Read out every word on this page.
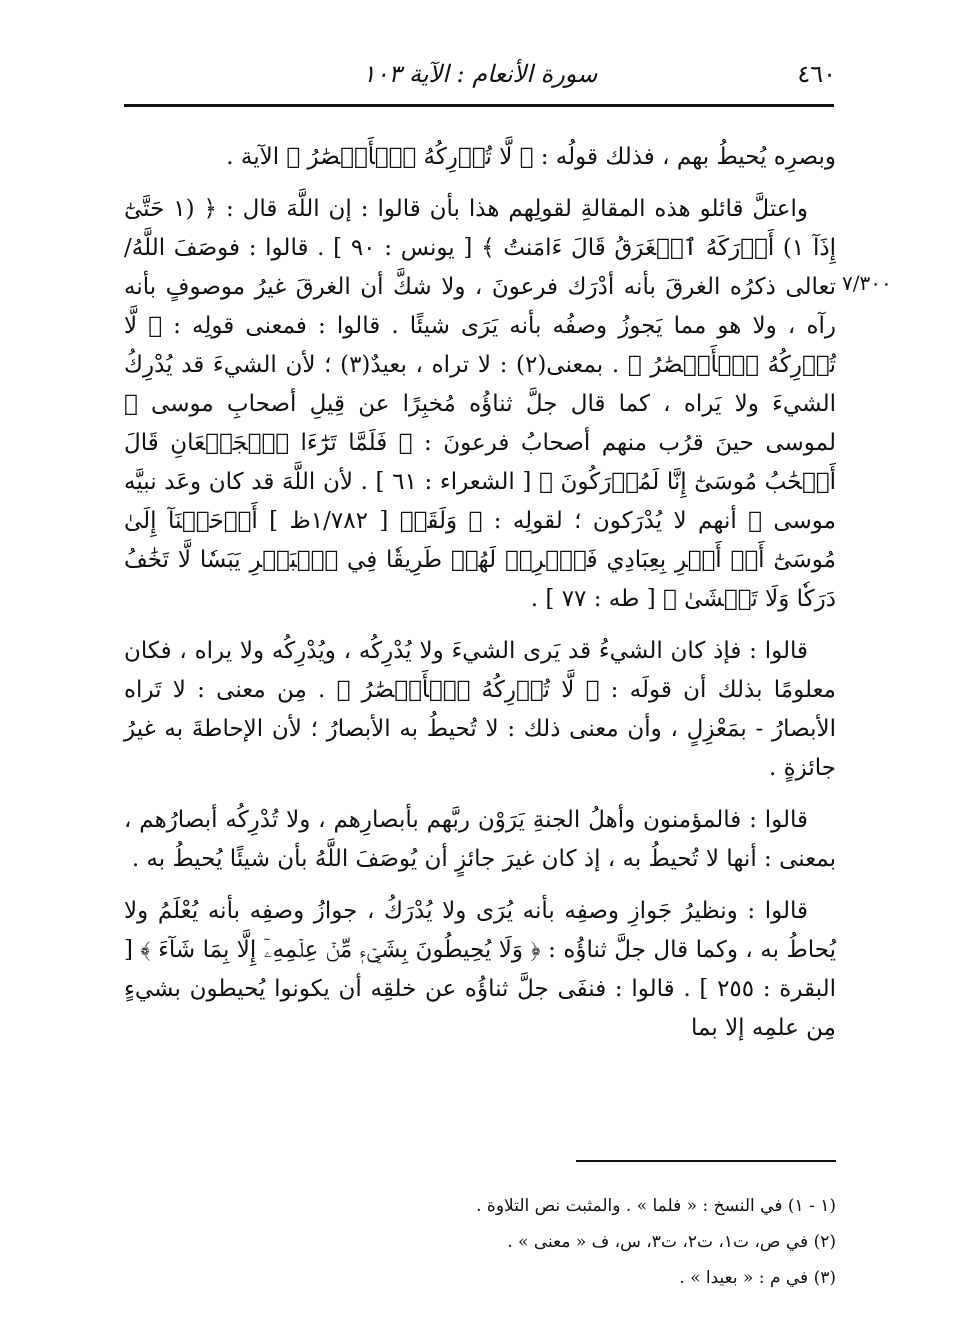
٤٦٠
سورة الأنعام : الآية ١٠٣
٧/٣٠٠

وبصرِه يُحيطُ بهم ، فذلك قولُه : ﴿ لَّا تُدۡرِكُهُ ٱلۡأَبۡصَٰرُ ﴾ الآية .

واعتلَّ قائلو هذه المقالةِ لقولِهم هذا بأن قالوا : إن اللَّهَ قال : ﴿ (١ حَتَّىٰٓ إِذَآ ١) أَدۡرَكَهُ ٱلۡغَرَقُ قَالَ ءَامَنتُ ﴾ [ يونس : ٩٠ ] . قالوا : فوصَفَ اللَّهُ/ تعالى ذكرُه الغرقَ بأنه أدْرَك فرعونَ ، ولا شكَّ أن الغرقَ غيرُ موصوفٍ بأنه رآه ، ولا هو مما يَجوزُ وصفُه بأنه يَرَى شيئًا . قالوا : فمعنى قولِه : ﴿ لَّا تُدۡرِكُهُ ٱلۡأَبۡصَٰرُ ﴾ . بمعنى(٢) : لا تراه ، بعيدٌ(٣) ؛ لأن الشيءَ قد يُدْرِكُ الشيءَ ولا يَراه ، كما قال جلَّ ثناؤُه مُخبِرًا عن قِيلِ أصحابِ موسى ﷺ لموسى حينَ قرُب منهم أصحابُ فرعونَ : ﴿ فَلَمَّا تَرَٰٓءَا ٱلۡجَمۡعَانِ قَالَ أَصۡحَٰبُ مُوسَىٰٓ إِنَّا لَمُدۡرَكُونَ ﴾ [ الشعراء : ٦١ ] . لأن اللَّهَ قد كان وعَد نبيَّه موسى ﷺ أنهم لا يُدْرَكون ؛ لقولِه : ﴿ وَلَقَدۡ [ ١/٧٨٢ظ ] أَوۡحَيۡنَآ إِلَىٰ مُوسَىٰٓ أَنۡ أَسۡرِ بِعِبَادِي فَٱضۡرِبۡ لَهُمۡ طَرِيقٗا فِي ٱلۡبَحۡرِ يَبَسٗا لَّا تَخَٰفُ دَرَكٗا وَلَا تَخۡشَىٰ ﴾ [ طه : ٧٧ ] .

قالوا : فإذ كان الشيءُ قد يَرى الشيءَ ولا يُدْرِكُه ، ويُدْرِكُه ولا يراه ، فكان معلومًا بذلك أن قولَه : ﴿ لَّا تُدۡرِكُهُ ٱلۡأَبۡصَٰرُ ﴾ . مِن معنى : لا تَراه الأبصارُ - بمَعْزِلٍ ، وأن معنى ذلك : لا تُحيطُ به الأبصارُ ؛ لأن الإحاطةَ به غيرُ جائزةٍ .

قالوا : فالمؤمنون وأهلُ الجنةِ يَرَوْن ربَّهم بأبصارِهم ، ولا تُدْرِكُه أبصارُهم ، بمعنى : أنها لا تُحيطُ به ، إذ كان غيرَ جائزٍ أن يُوصَفَ اللَّهُ بأن شيئًا يُحيطُ به .

قالوا : ونظيرُ جَوازِ وصفِه بأنه يُرَى ولا يُدْرَكُ ، جوازُ وصفِه بأنه يُعْلَمُ ولا يُحاطُ به ، وكما قال جلَّ ثناؤُه : ﴿ وَلَا يُحِيطُونَ بِشَيۡءٖ مِّنۡ عِلۡمِهِۦٓ إِلَّا بِمَا شَآءَ ﴾ [ البقرة : ٢٥٥ ] . قالوا : فنفَى جلَّ ثناؤُه عن خلقِه أن يكونوا يُحيطون بشيءٍ مِن علمِه إلا بما

(١ - ١) في النسخ : « فلما » . والمثبت نص التلاوة .

(٢) في ص، ت١، ت٢، ت٣، س، ف « معنى » .

(٣) في م : « بعيدا » .
